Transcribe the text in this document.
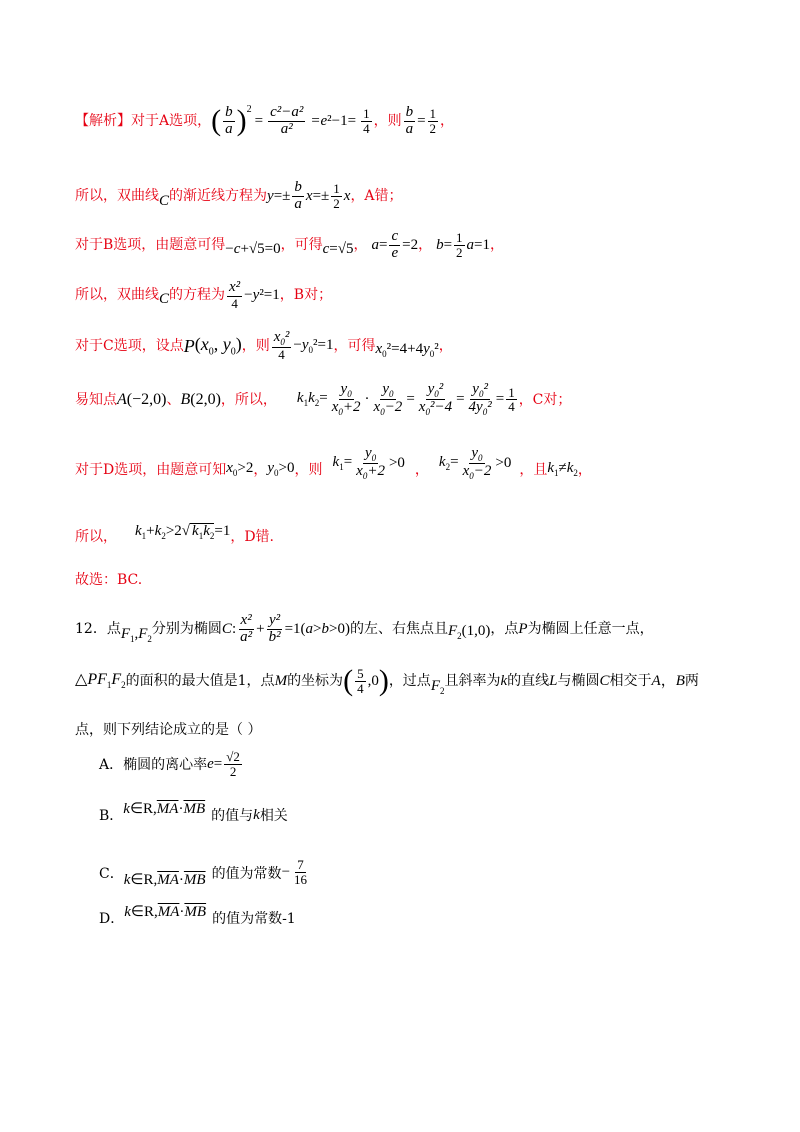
【解析】 对于A选项， ( $\frac{b}{a} )^2$
= $\frac{\text{c²−a²}}{\text{a²}} =e^2-1= \frac{1}{4}$ ，则 $\frac{b}{a} = \frac{1}{2}$ ，
所以，双曲线 C 的渐近线方程为 $y =\pm \frac{b}{a}$ $x =\pm \frac{1}{2}$ x ，A错；
对于B选项，由题意可得 −c+√5=0 ，可得 c=√5 ， $a = \frac{c}{e} =2$ ， $b = \frac{1}{2} a=1$ ，
所以，双曲线 C 的方程为 $\frac{\text{x²}}{4} -y^2=1$ ，B对；
对于C选项，设点 P ($x_0$, $y_0$) ，则 $\frac{x_0^2}{4} -y_0^2=1$ ，可得 $x_0^2=4+4y_0^2$ ，
易知点 A(−2,0) 、 B(2,0) ，所以， $k_1k_2= \frac{y_0}{x_0+2} \cdot \frac{y_0}{x_0-2} = \frac{y_0^2}{x_0^2-4} = \frac{y_0^2}{4y_0^2} = \frac{1}{4}$ ，C对；
对于D选项，由题意可知 $x_0>2$ ， $y_0>0$ ，则 $k_1= \frac{y_0}{x_0+2} >0$ ， $k_2= \frac{y_0}{x_0-2} >0$ ，且 $k_1\ne k_2$ ，
所以， $k_1+k_2>2√$ $k_1k_2=1$ ，D错.
故选：BC.
12．点 $F_1,F_2$
分别为椭圆 C : $\frac{\text{x²}}{\text{a²}} + \frac{\text{y²}}{\text{b²}} =1(a>b>0)$ 的左、右焦点且 $F_2(1,0)$ ，点 P 为椭圆上任意一点，
$\triangle PF_1F_2$ 的面积的最大值是1，点 M 的坐标为 ( $\frac{5}{4} ,0$ ) ，过点 $F_2$
且斜率为 k 的直线 L 与椭圆 C 相交于 A ， B 两
点，则下列结论成立的是（ ）
A．椭圆的离心率 $e = \frac{√2}{2}$
B． $k\in R,\overline{MA}\cdot\overline{MB}$ 的值与 k 相关
C． $k\in R,\overline{MA}\cdot\overline{MB}$ 的值为常数 − $\frac{7}{16}$
D． $k\in R,\overline{MA}\cdot\overline{MB}$ 的值为常数-1
